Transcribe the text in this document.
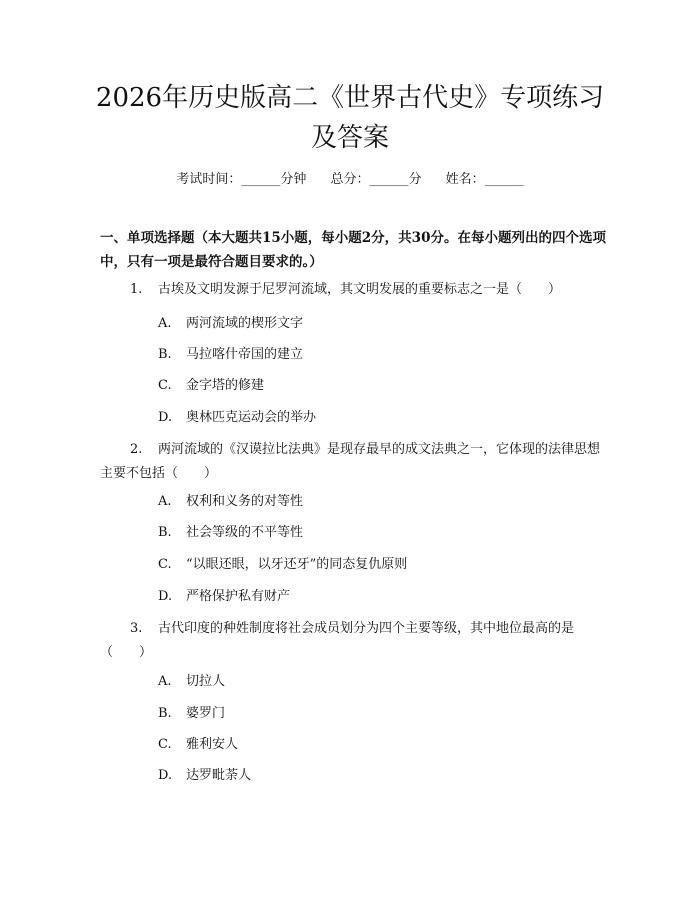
2026年历史版高二《世界古代史》专项练习
及答案
考试时间：______分钟 总分：______分 姓名：______
一、单项选择题（本大题共15小题，每小题2分，共30分。在每小题列出的四个选项中，只有一项是最符合题目要求的。）
1. 古埃及文明发源于尼罗河流域，其文明发展的重要标志之一是（　　）
A. 两河流域的楔形文字
B. 马拉喀什帝国的建立
C. 金字塔的修建
D. 奥林匹克运动会的举办
2. 两河流域的《汉谟拉比法典》是现存最早的成文法典之一，它体现的法律思想主要不包括（　　）
A. 权利和义务的对等性
B. 社会等级的不平等性
C. “以眼还眼，以牙还牙”的同态复仇原则
D. 严格保护私有财产
3. 古代印度的种姓制度将社会成员划分为四个主要等级，其中地位最高的是（　　）
A. 切拉人
B. 婆罗门
C. 雅利安人
D. 达罗毗荼人
